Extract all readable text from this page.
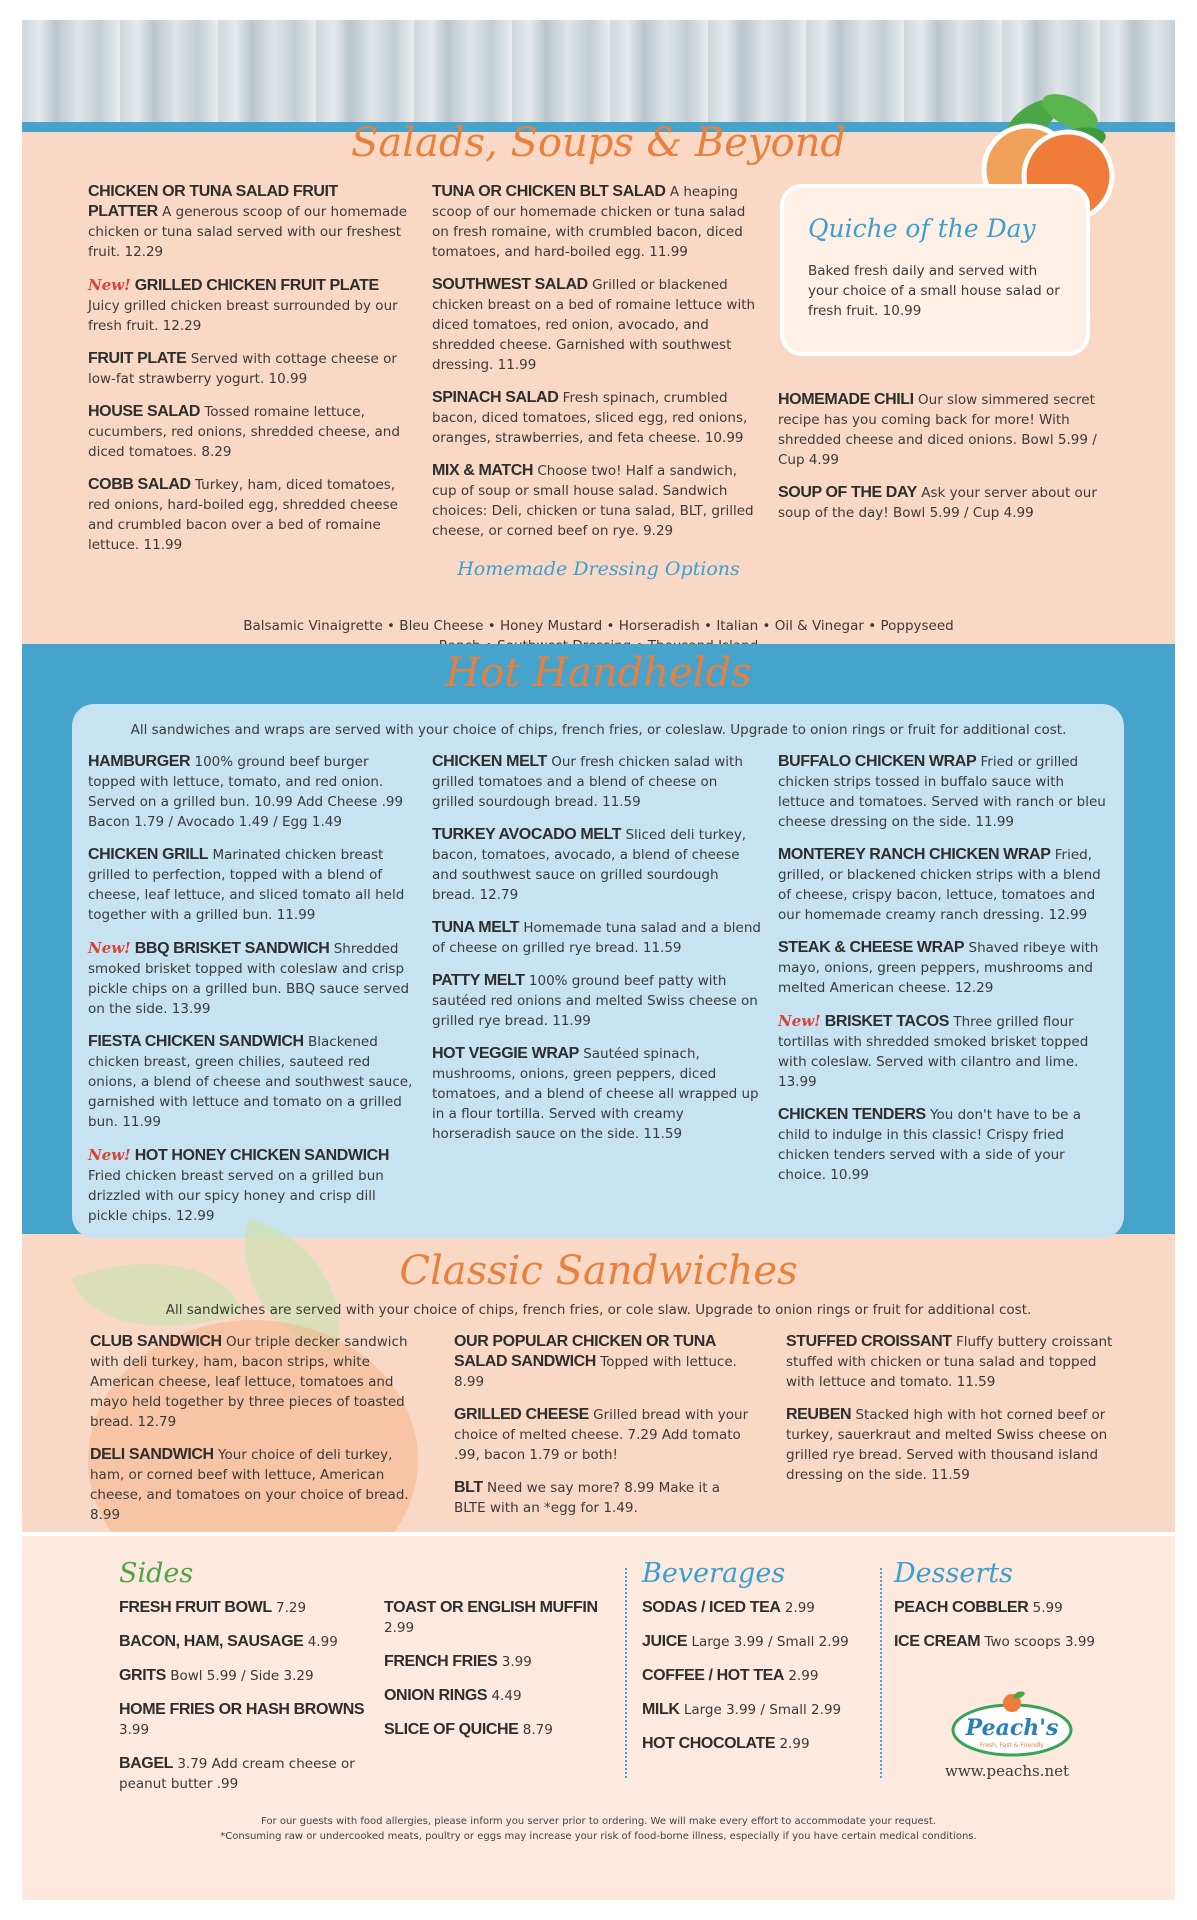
Salads, Soups & Beyond
CHICKEN OR TUNA SALAD FRUIT PLATTER A generous scoop of our homemade chicken or tuna salad served with our freshest fruit. 12.29
New! GRILLED CHICKEN FRUIT PLATE Juicy grilled chicken breast surrounded by our fresh fruit. 12.29
FRUIT PLATE Served with cottage cheese or low-fat strawberry yogurt. 10.99
HOUSE SALAD Tossed romaine lettuce, cucumbers, red onions, shredded cheese, and diced tomatoes. 8.29
COBB SALAD Turkey, ham, diced tomatoes, red onions, hard-boiled egg, shredded cheese and crumbled bacon over a bed of romaine lettuce. 11.99
TUNA OR CHICKEN BLT SALAD A heaping scoop of our homemade chicken or tuna salad on fresh romaine, with crumbled bacon, diced tomatoes, and hard-boiled egg. 11.99
SOUTHWEST SALAD Grilled or blackened chicken breast on a bed of romaine lettuce with diced tomatoes, red onion, avocado, and shredded cheese. Garnished with southwest dressing. 11.99
SPINACH SALAD Fresh spinach, crumbled bacon, diced tomatoes, sliced egg, red onions, oranges, strawberries, and feta cheese. 10.99
MIX & MATCH Choose two! Half a sandwich, cup of soup or small house salad. Sandwich choices: Deli, chicken or tuna salad, BLT, grilled cheese, or corned beef on rye. 9.29
Quiche of the Day
Baked fresh daily and served with your choice of a small house salad or fresh fruit. 10.99
HOMEMADE CHILI Our slow simmered secret recipe has you coming back for more! With shredded cheese and diced onions. Bowl 5.99 / Cup 4.99
SOUP OF THE DAY Ask your server about our soup of the day! Bowl 5.99 / Cup 4.99
Homemade Dressing Options
Balsamic Vinaigrette • Bleu Cheese • Honey Mustard • Horseradish • Italian • Oil & Vinegar • Poppyseed
Hot Handhelds
All sandwiches and wraps are served with your choice of chips, french fries, or coleslaw. Upgrade to onion rings or fruit for additional cost.
HAMBURGER 100% ground beef burger topped with lettuce, tomato, and red onion. Served on a grilled bun. 10.99 Add Cheese .99 Bacon 1.79 / Avocado 1.49 / Egg 1.49
CHICKEN GRILL Marinated chicken breast grilled to perfection, topped with a blend of cheese, leaf lettuce, and sliced tomato all held together with a grilled bun. 11.99
New! BBQ BRISKET SANDWICH Shredded smoked brisket topped with coleslaw and crisp pickle chips on a grilled bun. BBQ sauce served on the side. 13.99
FIESTA CHICKEN SANDWICH Blackened chicken breast, green chilies, sauteed red onions, a blend of cheese and southwest sauce, garnished with lettuce and tomato on a grilled bun. 11.99
New! HOT HONEY CHICKEN SANDWICH Fried chicken breast served on a grilled bun drizzled with our spicy honey and crisp dill pickle chips. 12.99
CHICKEN MELT Our fresh chicken salad with grilled tomatoes and a blend of cheese on grilled sourdough bread. 11.59
TURKEY AVOCADO MELT Sliced deli turkey, bacon, tomatoes, avocado, a blend of cheese and southwest sauce on grilled sourdough bread. 12.79
TUNA MELT Homemade tuna salad and a blend of cheese on grilled rye bread. 11.59
PATTY MELT 100% ground beef patty with sautéed red onions and melted Swiss cheese on grilled rye bread. 11.99
HOT VEGGIE WRAP Sautéed spinach, mushrooms, onions, green peppers, diced tomatoes, and a blend of cheese all wrapped up in a flour tortilla. Served with creamy horseradish sauce on the side. 11.59
BUFFALO CHICKEN WRAP Fried or grilled chicken strips tossed in buffalo sauce with lettuce and tomatoes. Served with ranch or bleu cheese dressing on the side. 11.99
MONTEREY RANCH CHICKEN WRAP Fried, grilled, or blackened chicken strips with a blend of cheese, crispy bacon, lettuce, tomatoes and our homemade creamy ranch dressing. 12.99
STEAK & CHEESE WRAP Shaved ribeye with mayo, onions, green peppers, mushrooms and melted American cheese. 12.29
New! BRISKET TACOS Three grilled flour tortillas with shredded smoked brisket topped with coleslaw. Served with cilantro and lime. 13.99
CHICKEN TENDERS You don't have to be a child to indulge in this classic! Crispy fried chicken tenders served with a side of your choice. 10.99
Classic Sandwiches
All sandwiches are served with your choice of chips, french fries, or cole slaw. Upgrade to onion rings or fruit for additional cost.
CLUB SANDWICH Our triple decker sandwich with deli turkey, ham, bacon strips, white American cheese, leaf lettuce, tomatoes and mayo held together by three pieces of toasted bread. 12.79
DELI SANDWICH Your choice of deli turkey, ham, or corned beef with lettuce, American cheese, and tomatoes on your choice of bread. 8.99
OUR POPULAR CHICKEN OR TUNA SALAD SANDWICH Topped with lettuce. 8.99
GRILLED CHEESE Grilled bread with your choice of melted cheese. 7.29 Add tomato .99, bacon 1.79 or both!
BLT Need we say more? 8.99 Make it a BLTE with an *egg for 1.49.
STUFFED CROISSANT Fluffy buttery croissant stuffed with chicken or tuna salad and topped with lettuce and tomato. 11.59
REUBEN Stacked high with hot corned beef or turkey, sauerkraut and melted Swiss cheese on grilled rye bread. Served with thousand island dressing on the side. 11.59
Sides
FRESH FRUIT BOWL 7.29
BACON, HAM, SAUSAGE 4.99
GRITS Bowl 5.99 / Side 3.29
HOME FRIES OR HASH BROWNS 3.99
BAGEL 3.79 Add cream cheese or peanut butter .99
TOAST OR ENGLISH MUFFIN 2.99
FRENCH FRIES 3.99
ONION RINGS 4.49
SLICE OF QUICHE 8.79
Beverages
SODAS / ICED TEA 2.99
JUICE Large 3.99 / Small 2.99
COFFEE / HOT TEA 2.99
MILK Large 3.99 / Small 2.99
HOT CHOCOLATE 2.99
Desserts
PEACH COBBLER 5.99
ICE CREAM Two scoops 3.99
Peach's
Fresh, Fast & Friendly
www.peachs.net
For our guests with food allergies, please inform you server prior to ordering. We will make every effort to accommodate your request.
*Consuming raw or undercooked meats, poultry or eggs may increase your risk of food-borne illness, especially if you have certain medical conditions.
